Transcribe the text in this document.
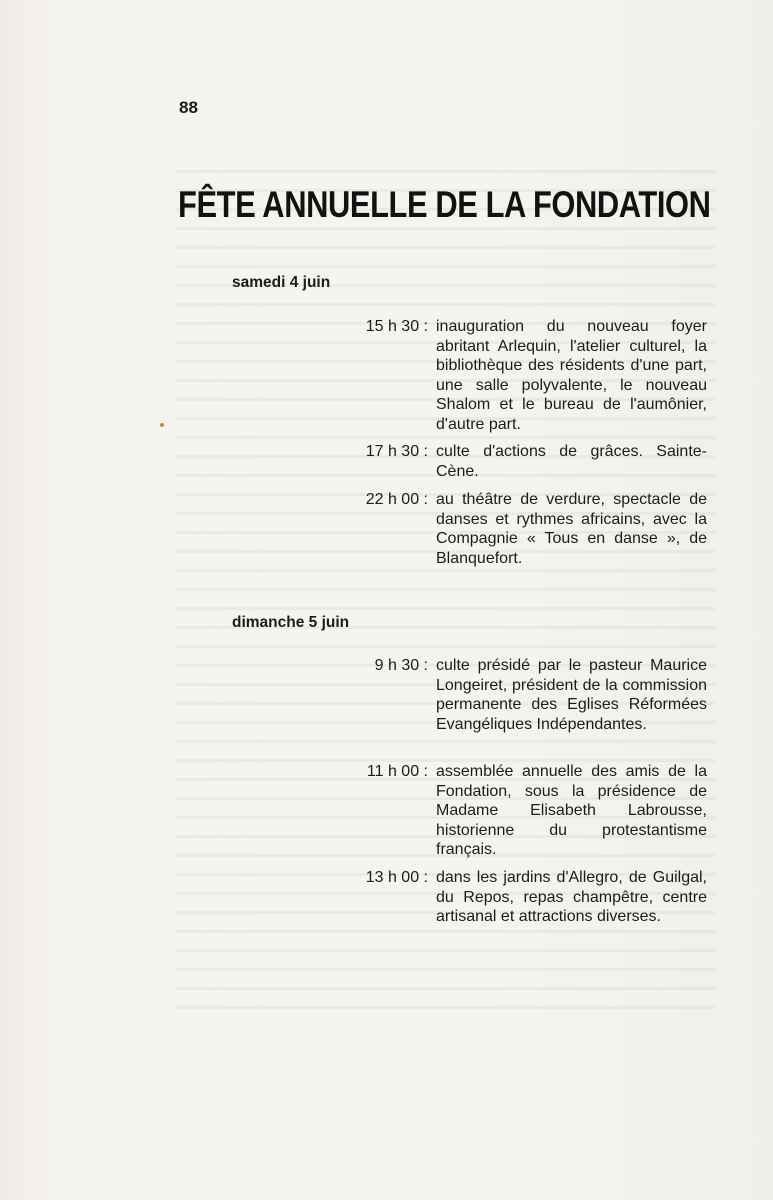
88
FÊTE ANNUELLE DE LA FONDATION
samedi 4 juin
15 h 30 : inauguration du nouveau foyer abritant Arlequin, l'atelier culturel, la bibliothèque des résidents d'une part, une salle polyvalente, le nouveau Shalom et le bureau de l'aumônier, d'autre part.
17 h 30 : culte d'actions de grâces. Sainte-Cène.
22 h 00 : au théâtre de verdure, spectacle de danses et rythmes africains, avec la Compagnie « Tous en danse », de Blanquefort.
dimanche 5 juin
9 h 30 : culte présidé par le pasteur Maurice Longeiret, président de la commission permanente des Eglises Réformées Evangéliques Indépendantes.
11 h 00 : assemblée annuelle des amis de la Fondation, sous la présidence de Madame Elisabeth Labrousse, historienne du protestantisme français.
13 h 00 : dans les jardins d'Allegro, de Guilgal, du Repos, repas champêtre, centre artisanal et attractions diverses.
